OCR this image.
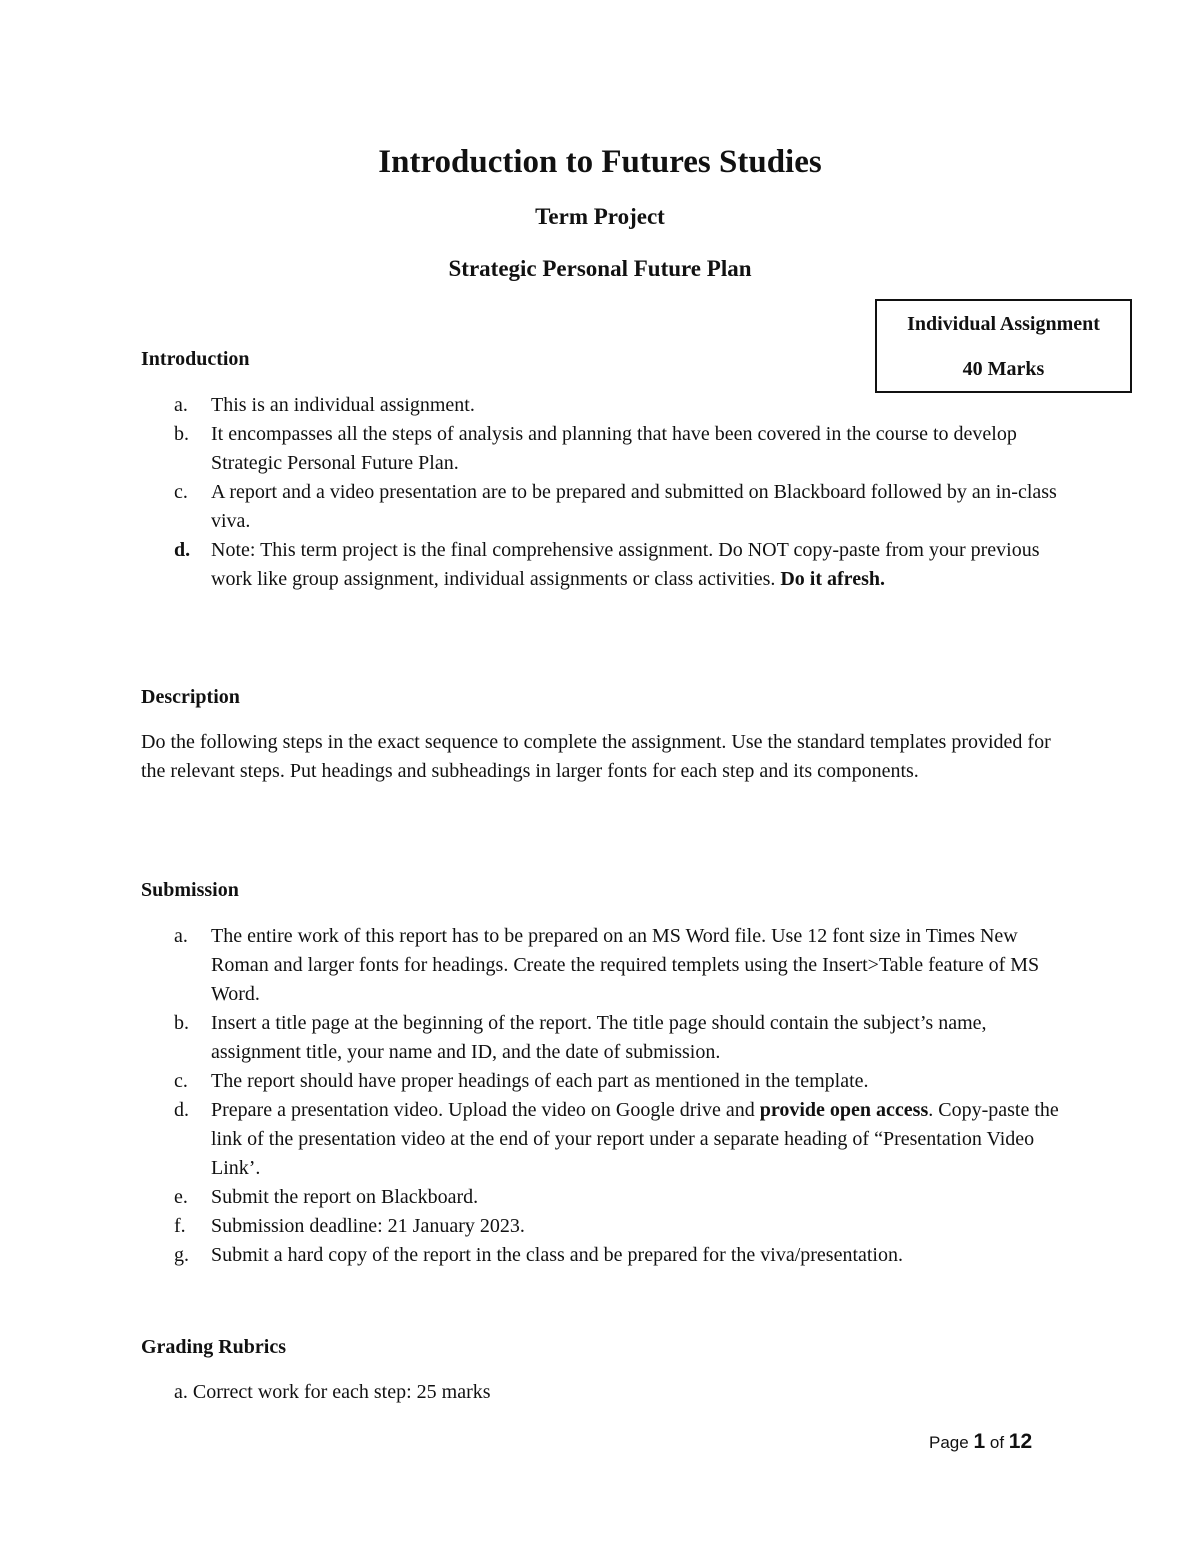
Introduction to Futures Studies
Term Project
Strategic Personal Future Plan
Individual Assignment
40 Marks
Introduction
a. This is an individual assignment.
b. It encompasses all the steps of analysis and planning that have been covered in the course to develop Strategic Personal Future Plan.
c. A report and a video presentation are to be prepared and submitted on Blackboard followed by an in-class viva.
d. Note: This term project is the final comprehensive assignment. Do NOT copy-paste from your previous work like group assignment, individual assignments or class activities. Do it afresh.
Description

Do the following steps in the exact sequence to complete the assignment. Use the standard templates provided for the relevant steps. Put headings and subheadings in larger fonts for each step and its components.

Submission
a. The entire work of this report has to be prepared on an MS Word file. Use 12 font size in Times New Roman and larger fonts for headings. Create the required templets using the Insert>Table feature of MS Word.
b. Insert a title page at the beginning of the report. The title page should contain the subject’s name, assignment title, your name and ID, and the date of submission.
c. The report should have proper headings of each part as mentioned in the template.
d. Prepare a presentation video. Upload the video on Google drive and provide open access. Copy-paste the link of the presentation video at the end of your report under a separate heading of “Presentation Video Link’.
e. Submit the report on Blackboard.
f. Submission deadline: 21 January 2023.
g. Submit a hard copy of the report in the class and be prepared for the viva/presentation.
Grading Rubrics
a. Correct work for each step: 25 marks
Page 1 of 12
